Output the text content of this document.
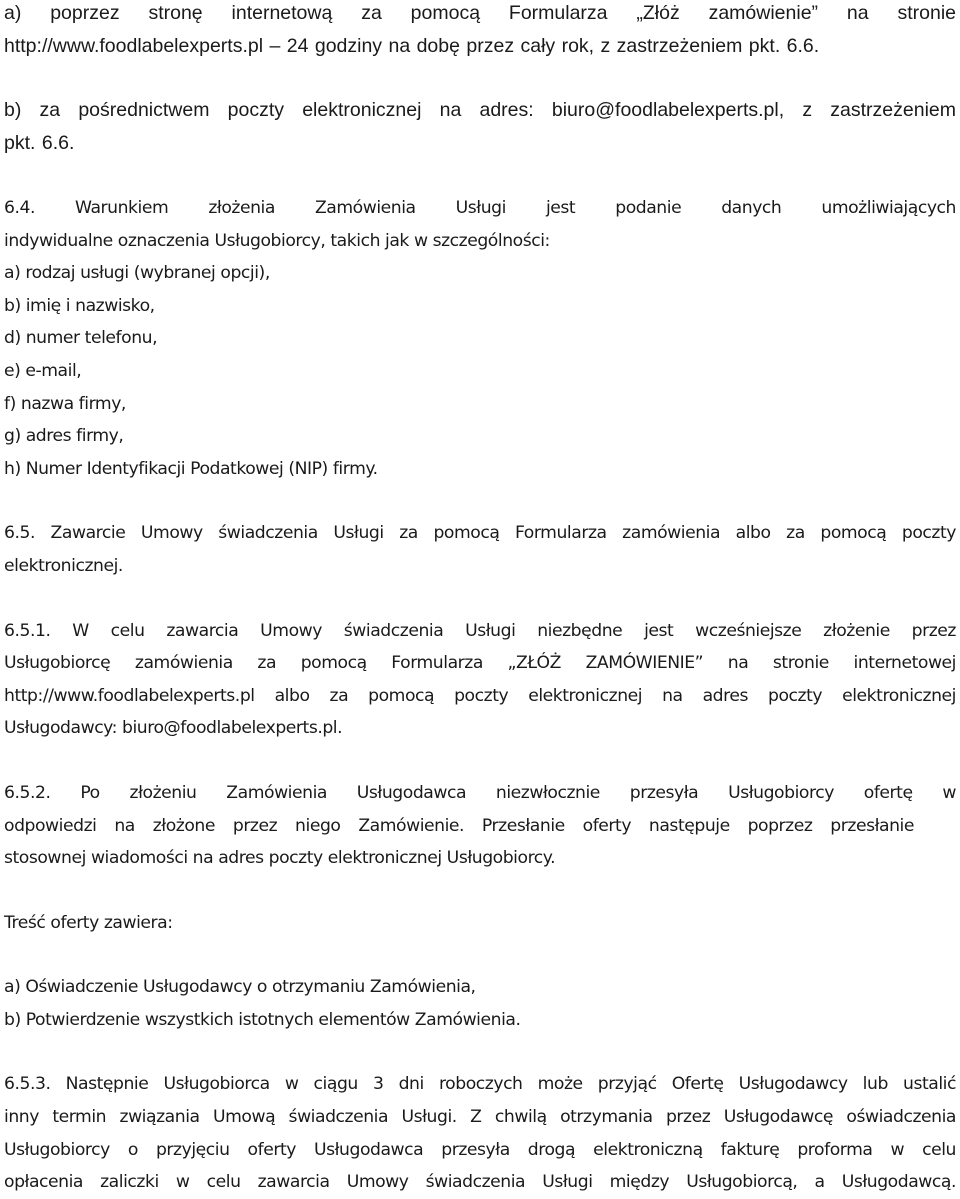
a) poprzez stronę internetową za pomocą Formularza „Złóż zamówienie” na stronie
http://www.foodlabelexperts.pl – 24 godziny na dobę przez cały rok, z zastrzeżeniem pkt. 6.6.

b) za pośrednictwem poczty elektronicznej na adres: biuro@foodlabelexperts.pl, z zastrzeżeniem
pkt. 6.6.

6.4. Warunkiem złożenia Zamówienia Usługi jest podanie danych umożliwiających
indywidualne oznaczenia Usługobiorcy, takich jak w szczególności:
a) rodzaj usługi (wybranej opcji),
b) imię i nazwisko,
d) numer telefonu,
e) e-mail,
f) nazwa firmy,
g) adres firmy,
h) Numer Identyfikacji Podatkowej (NIP) firmy.

6.5. Zawarcie Umowy świadczenia Usługi za pomocą Formularza zamówienia albo za pomocą poczty
elektronicznej.

6.5.1. W celu zawarcia Umowy świadczenia Usługi niezbędne jest wcześniejsze złożenie przez
Usługobiorcę zamówienia za pomocą Formularza „ZŁÓŻ ZAMÓWIENIE” na stronie internetowej
http://www.foodlabelexperts.pl albo za pomocą poczty elektronicznej na adres poczty elektronicznej
Usługodawcy: biuro@foodlabelexperts.pl.

6.5.2. Po złożeniu Zamówienia Usługodawca niezwłocznie przesyła Usługobiorcy ofertę w
odpowiedzi na złożone przez niego Zamówienie. Przesłanie oferty następuje poprzez przesłanie
stosownej wiadomości na adres poczty elektronicznej Usługobiorcy.

Treść oferty zawiera:

a) Oświadczenie Usługodawcy o otrzymaniu Zamówienia,
b) Potwierdzenie wszystkich istotnych elementów Zamówienia.

6.5.3. Następnie Usługobiorca w ciągu 3 dni roboczych może przyjąć Ofertę Usługodawcy lub ustalić
inny termin związania Umową świadczenia Usługi. Z chwilą otrzymania przez Usługodawcę oświadczenia
Usługobiorcy o przyjęciu oferty Usługodawca przesyła drogą elektroniczną fakturę proforma w celu
opłacenia zaliczki w celu zawarcia Umowy świadczenia Usługi między Usługobiorcą, a Usługodawcą.
